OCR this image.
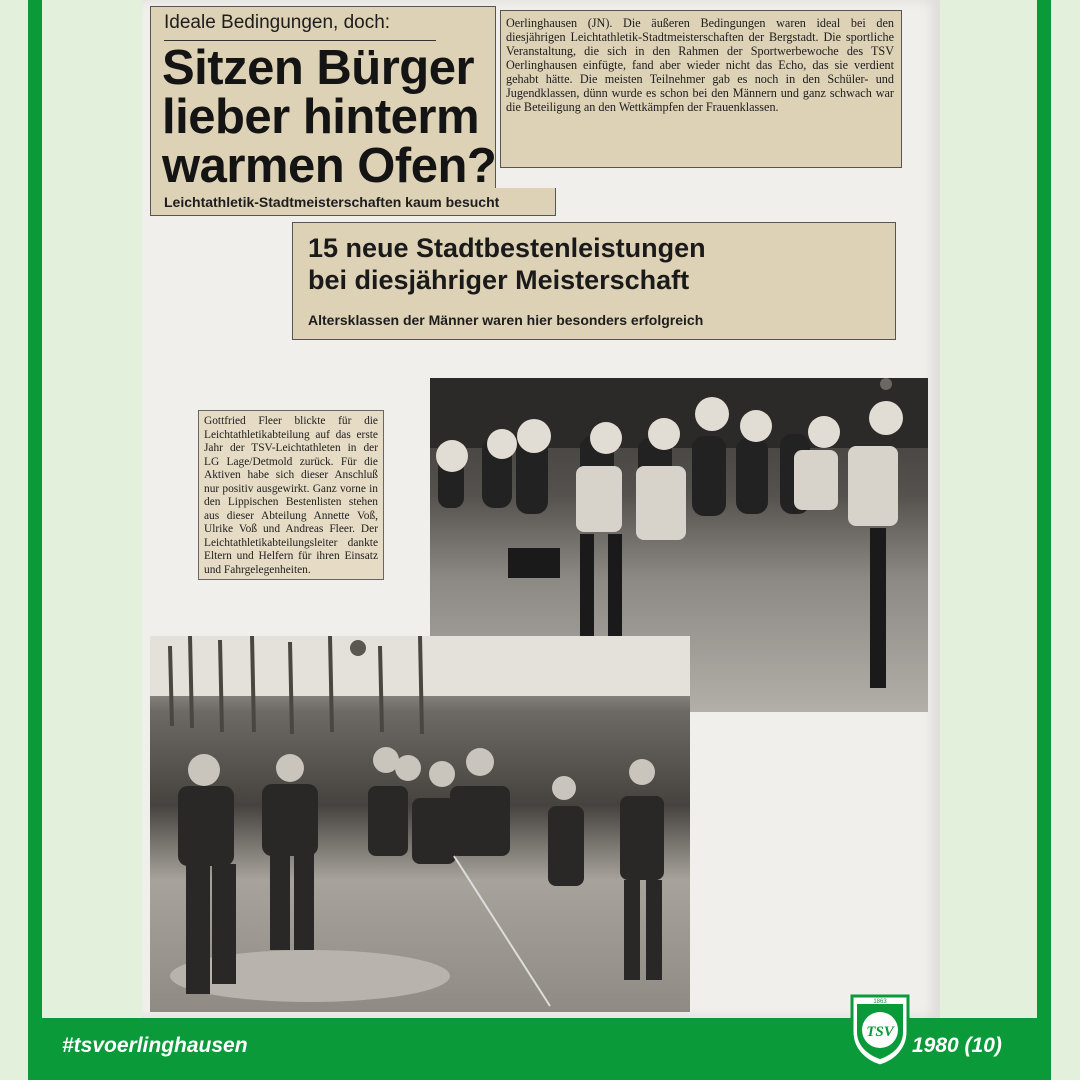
Ideale Bedingungen, doch:
Sitzen Bürger
lieber hinterm
warmen Ofen?
Leichtathletik-Stadtmeisterschaften kaum besucht
Oerlinghausen (JN). Die äußeren Bedingungen waren ideal bei den diesjährigen Leichtathletik-Stadtmeisterschaften der Bergstadt. Die sportliche Veranstaltung, die sich in den Rahmen der Sportwerbewoche des TSV Oerlinghausen einfügte, fand aber wieder nicht das Echo, das sie verdient gehabt hätte. Die meisten Teilnehmer gab es noch in den Schüler- und Jugendklassen, dünn wurde es schon bei den Männern und ganz schwach war die Beteiligung an den Wettkämpfen der Frauenklassen.
15 neue Stadtbestenleistungen
bei diesjähriger Meisterschaft
Altersklassen der Männer waren hier besonders erfolgreich
Gottfried Fleer blickte für die Leichtathletikabteilung auf das erste Jahr der TSV-Leichtathleten in der LG Lage/Detmold zurück. Für die Aktiven habe sich dieser Anschluß nur positiv ausgewirkt. Ganz vorne in den Lippischen Bestenlisten stehen aus dieser Abteilung Annette Voß, Ulrike Voß und Andreas Fleer. Der Leichtathletikabteilungsleiter dankte Eltern und Helfern für ihren Einsatz und Fahrgelegenheiten.
#tsvoerlinghausen	1980 (10)
1863
TSV
